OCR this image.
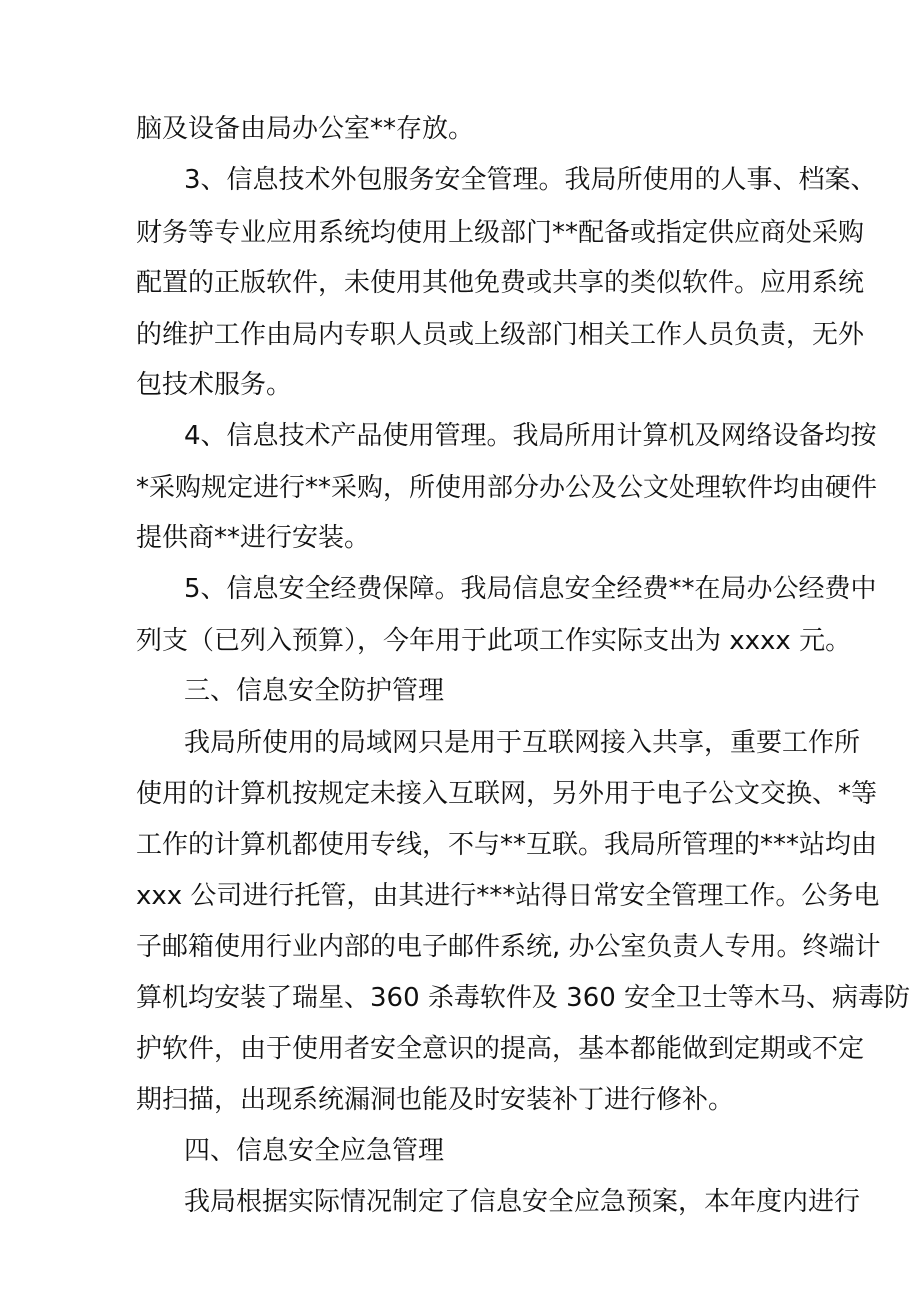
脑及设备由局办公室**存放。
3、信息技术外包服务安全管理。我局所使用的人事、档案、
财务等专业应用系统均使用上级部门**配备或指定供应商处采购
配置的正版软件，未使用其他免费或共享的类似软件。应用系统
的维护工作由局内专职人员或上级部门相关工作人员负责，无外
包技术服务。
4、信息技术产品使用管理。我局所用计算机及网络设备均按
*采购规定进行**采购，所使用部分办公及公文处理软件均由硬件
提供商**进行安装。
5、信息安全经费保障。我局信息安全经费**在局办公经费中
列支（已列入预算），今年用于此项工作实际支出为 xxxx 元。
三、信息安全防护管理
我局所使用的局域网只是用于互联网接入共享，重要工作所
使用的计算机按规定未接入互联网，另外用于电子公文交换、*等
工作的计算机都使用专线，不与**互联。我局所管理的***站均由
xxx 公司进行托管，由其进行***站得日常安全管理工作。公务电
子邮箱使用行业内部的电子邮件系统, 办公室负责人专用。终端计
算机均安装了瑞星、360 杀毒软件及 360 安全卫士等木马、病毒防
护软件，由于使用者安全意识的提高，基本都能做到定期或不定
期扫描，出现系统漏洞也能及时安装补丁进行修补。
四、信息安全应急管理
我局根据实际情况制定了信息安全应急预案，本年度内进行
